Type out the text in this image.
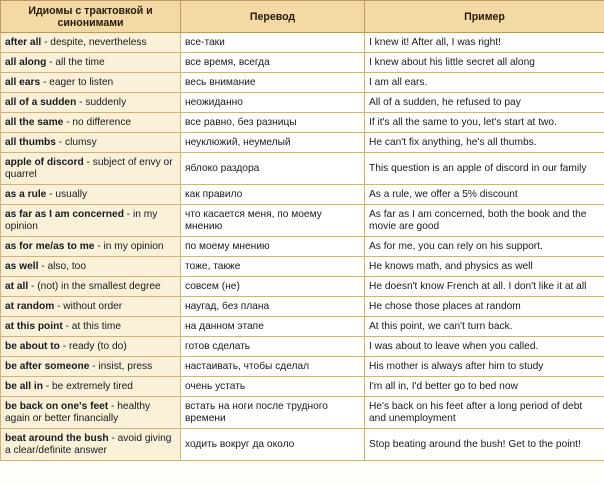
Идиомы с трактовкой и синонимами	Перевод	Пример
after all - despite, nevertheless	все-таки	I knew it! After all, I was right!
all along - all the time	все время, всегда	I knew about his little secret all along
all ears - eager to listen	весь внимание	I am all ears.
all of a sudden - suddenly	неожиданно	All of a sudden, he refused to pay
all the same - no difference	все равно, без разницы	If it's all the same to you, let's start at two.
all thumbs - clumsy	неуклюжий, неумелый	He can't fix anything, he's all thumbs.
apple of discord - subject of envy or quarrel	яблоко раздора	This question is an apple of discord in our family
as a rule - usually	как правило	As a rule, we offer a 5% discount
as far as I am concerned - in my opinion	что касается меня, по моему мнению	As far as I am concerned, both the book and the movie are good
as for me/as to me - in my opinion	по моему мнению	As for me, you can rely on his support.
as well - also, too	тоже, также	He knows math, and physics as well
at all - (not) in the smallest degree	совсем (не)	He doesn't know French at all. I don't like it at all
at random - without order	наугад, без плана	He chose those places at random
at this point - at this time	на данном этапе	At this point, we can't turn back.
be about to - ready (to do)	готов сделать	I was about to leave when you called.
be after someone - insist, press	настаивать, чтобы сделал	His mother is always after him to study
be all in - be extremely tired	очень устать	I'm all in, I'd better go to bed now
be back on one's feet - healthy again or better financially	встать на ноги после трудного времени	He's back on his feet after a long period of debt and unemployment
beat around the bush - avoid giving a clear/definite answer	ходить вокруг да около	Stop beating around the bush! Get to the point!
